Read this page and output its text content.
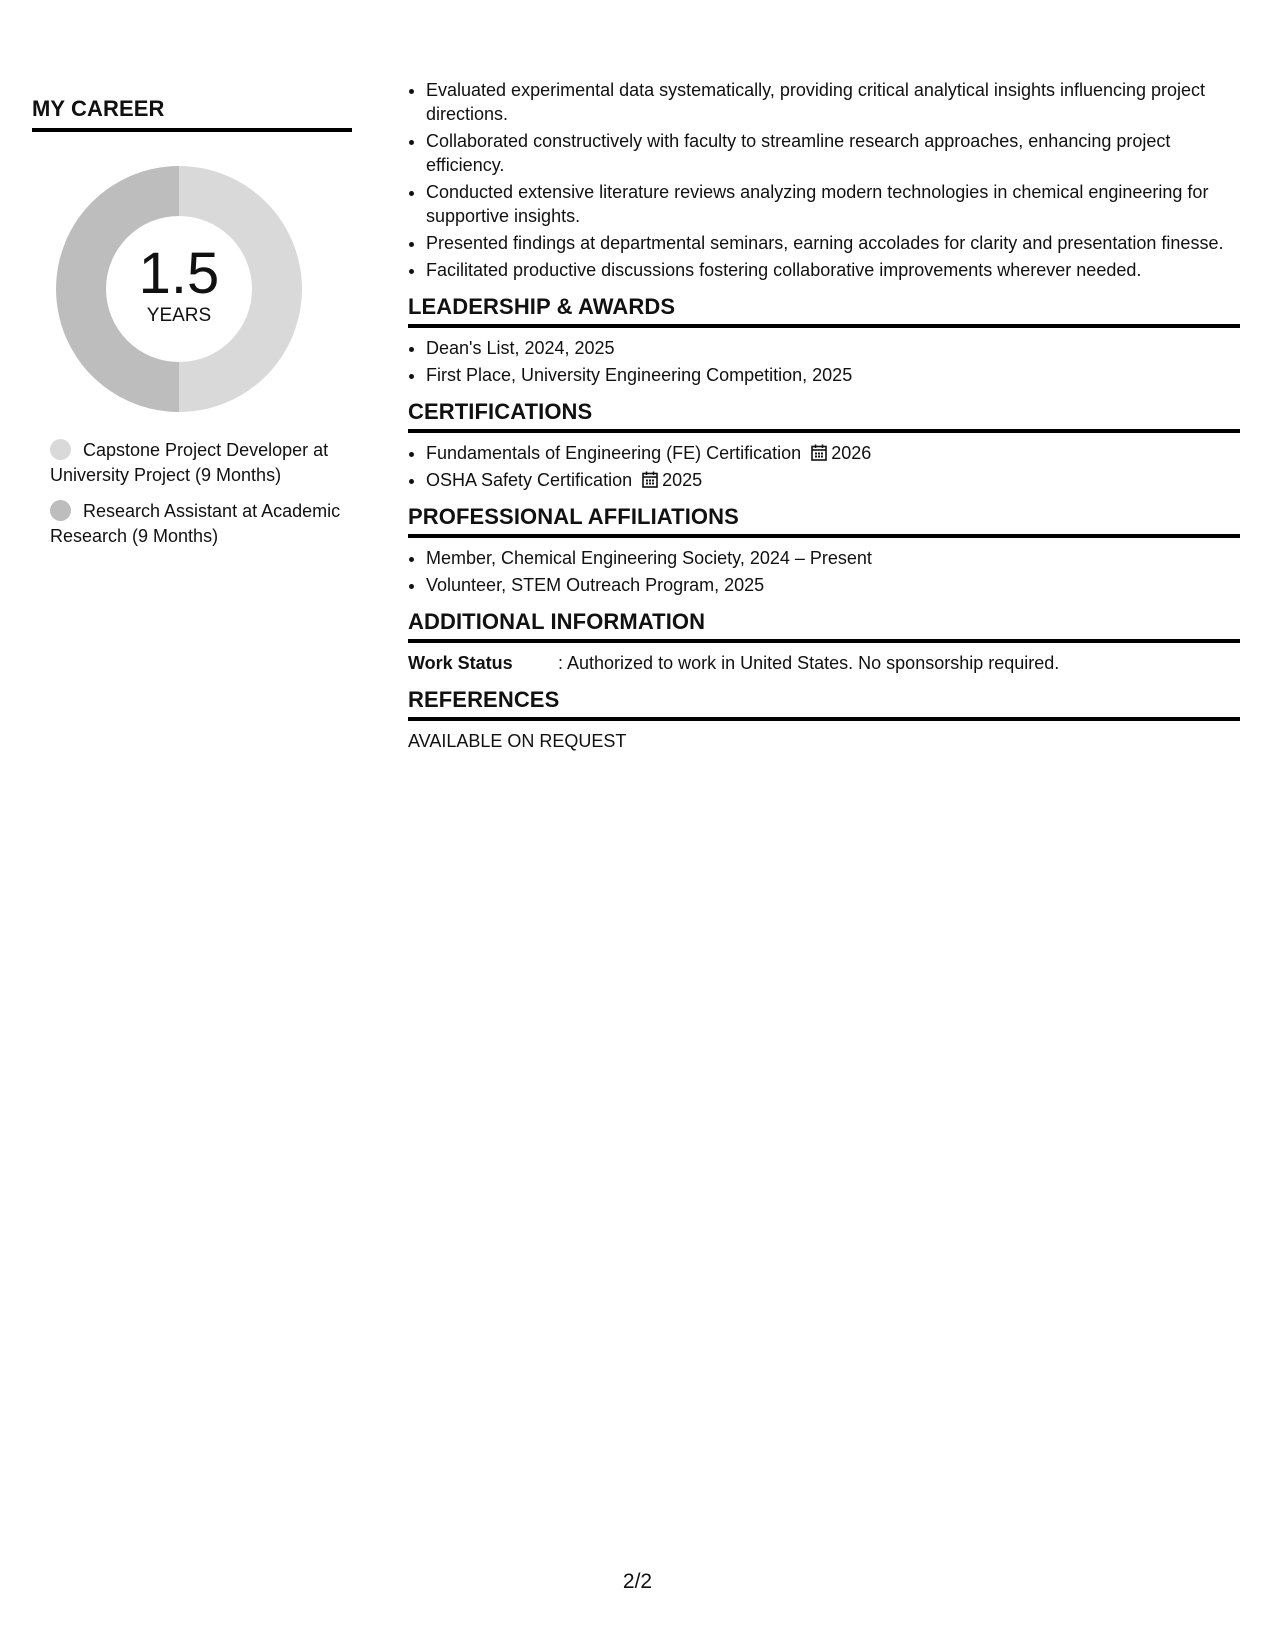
MY CAREER
1.5
YEARS
Capstone Project Developer at University Project (9 Months)
Research Assistant at Academic Research (9 Months)
• Evaluated experimental data systematically, providing critical analytical insights influencing project directions.
• Collaborated constructively with faculty to streamline research approaches, enhancing project efficiency.
• Conducted extensive literature reviews analyzing modern technologies in chemical engineering for supportive insights.
• Presented findings at departmental seminars, earning accolades for clarity and presentation finesse.
• Facilitated productive discussions fostering collaborative improvements wherever needed.
LEADERSHIP & AWARDS
• Dean's List, 2024, 2025
• First Place, University Engineering Competition, 2025
CERTIFICATIONS
• Fundamentals of Engineering (FE) Certification 2026
• OSHA Safety Certification 2025
PROFESSIONAL AFFILIATIONS
• Member, Chemical Engineering Society, 2024 – Present
• Volunteer, STEM Outreach Program, 2025
ADDITIONAL INFORMATION
Work Status	: Authorized to work in United States. No sponsorship required.
REFERENCES
AVAILABLE ON REQUEST
2/2
